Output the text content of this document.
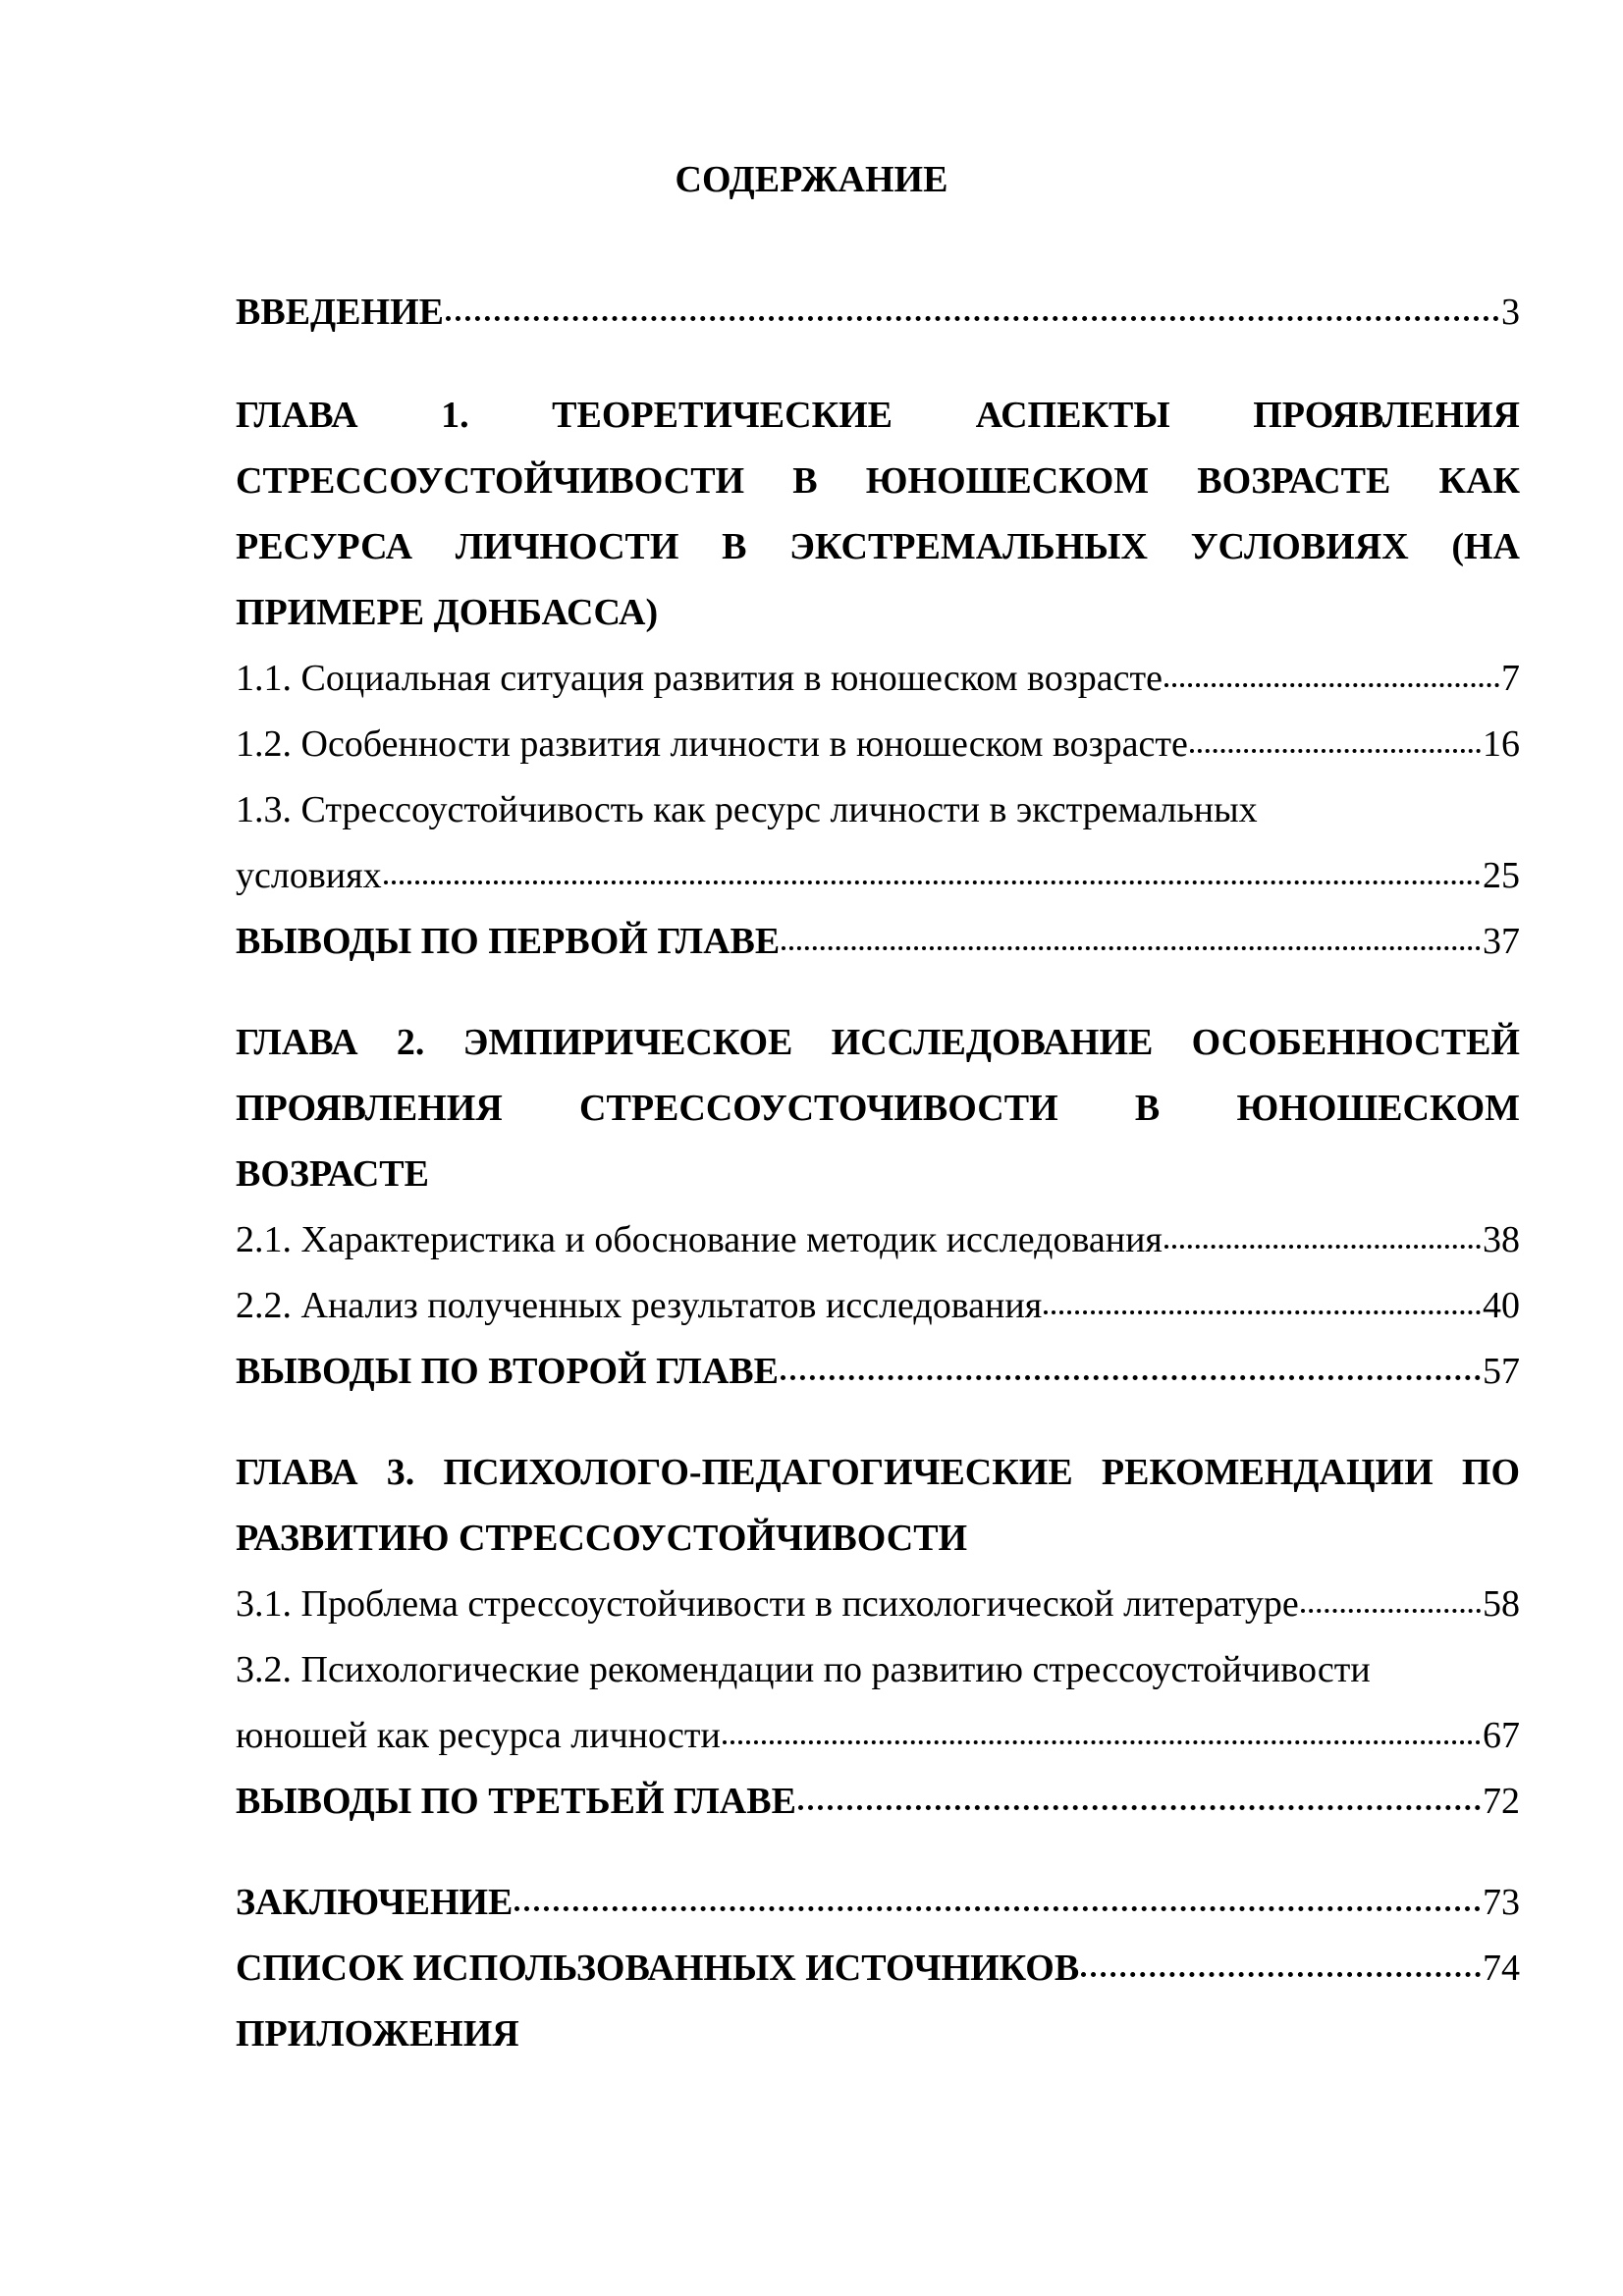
СОДЕРЖАНИЕ
ВВЕДЕНИЕ	3
ГЛАВА 1. ТЕОРЕТИЧЕСКИЕ АСПЕКТЫ ПРОЯВЛЕНИЯ СТРЕССОУСТОЙЧИВОСТИ В ЮНОШЕСКОМ ВОЗРАСТЕ КАК РЕСУРСА ЛИЧНОСТИ В ЭКСТРЕМАЛЬНЫХ УСЛОВИЯХ (НА ПРИМЕРЕ ДОНБАССА)
1.1. Социальная ситуация развития в юношеском возрасте	7
1.2. Особенности развития личности в юношеском возрасте	16
1.3. Стрессоустойчивость как ресурс личности в экстремальных
условиях	25
ВЫВОДЫ ПО ПЕРВОЙ ГЛАВЕ	37
ГЛАВА 2. ЭМПИРИЧЕСКОЕ ИССЛЕДОВАНИЕ ОСОБЕННОСТЕЙ ПРОЯВЛЕНИЯ СТРЕССОУСТОЧИВОСТИ В ЮНОШЕСКОМ ВОЗРАСТЕ
2.1. Характеристика и обоснование методик исследования	38
2.2. Анализ полученных результатов исследования	40
ВЫВОДЫ ПО ВТОРОЙ ГЛАВЕ	57
ГЛАВА 3. ПСИХОЛОГО-ПЕДАГОГИЧЕСКИЕ РЕКОМЕНДАЦИИ ПО РАЗВИТИЮ СТРЕССОУСТОЙЧИВОСТИ
3.1. Проблема стрессоустойчивости в психологической литературе	58
3.2. Психологические рекомендации по развитию стрессоустойчивости
юношей как ресурса личности	67
ВЫВОДЫ ПО ТРЕТЬЕЙ ГЛАВЕ	72
ЗАКЛЮЧЕНИЕ	73
СПИСОК ИСПОЛЬЗОВАННЫХ ИСТОЧНИКОВ	74
ПРИЛОЖЕНИЯ
